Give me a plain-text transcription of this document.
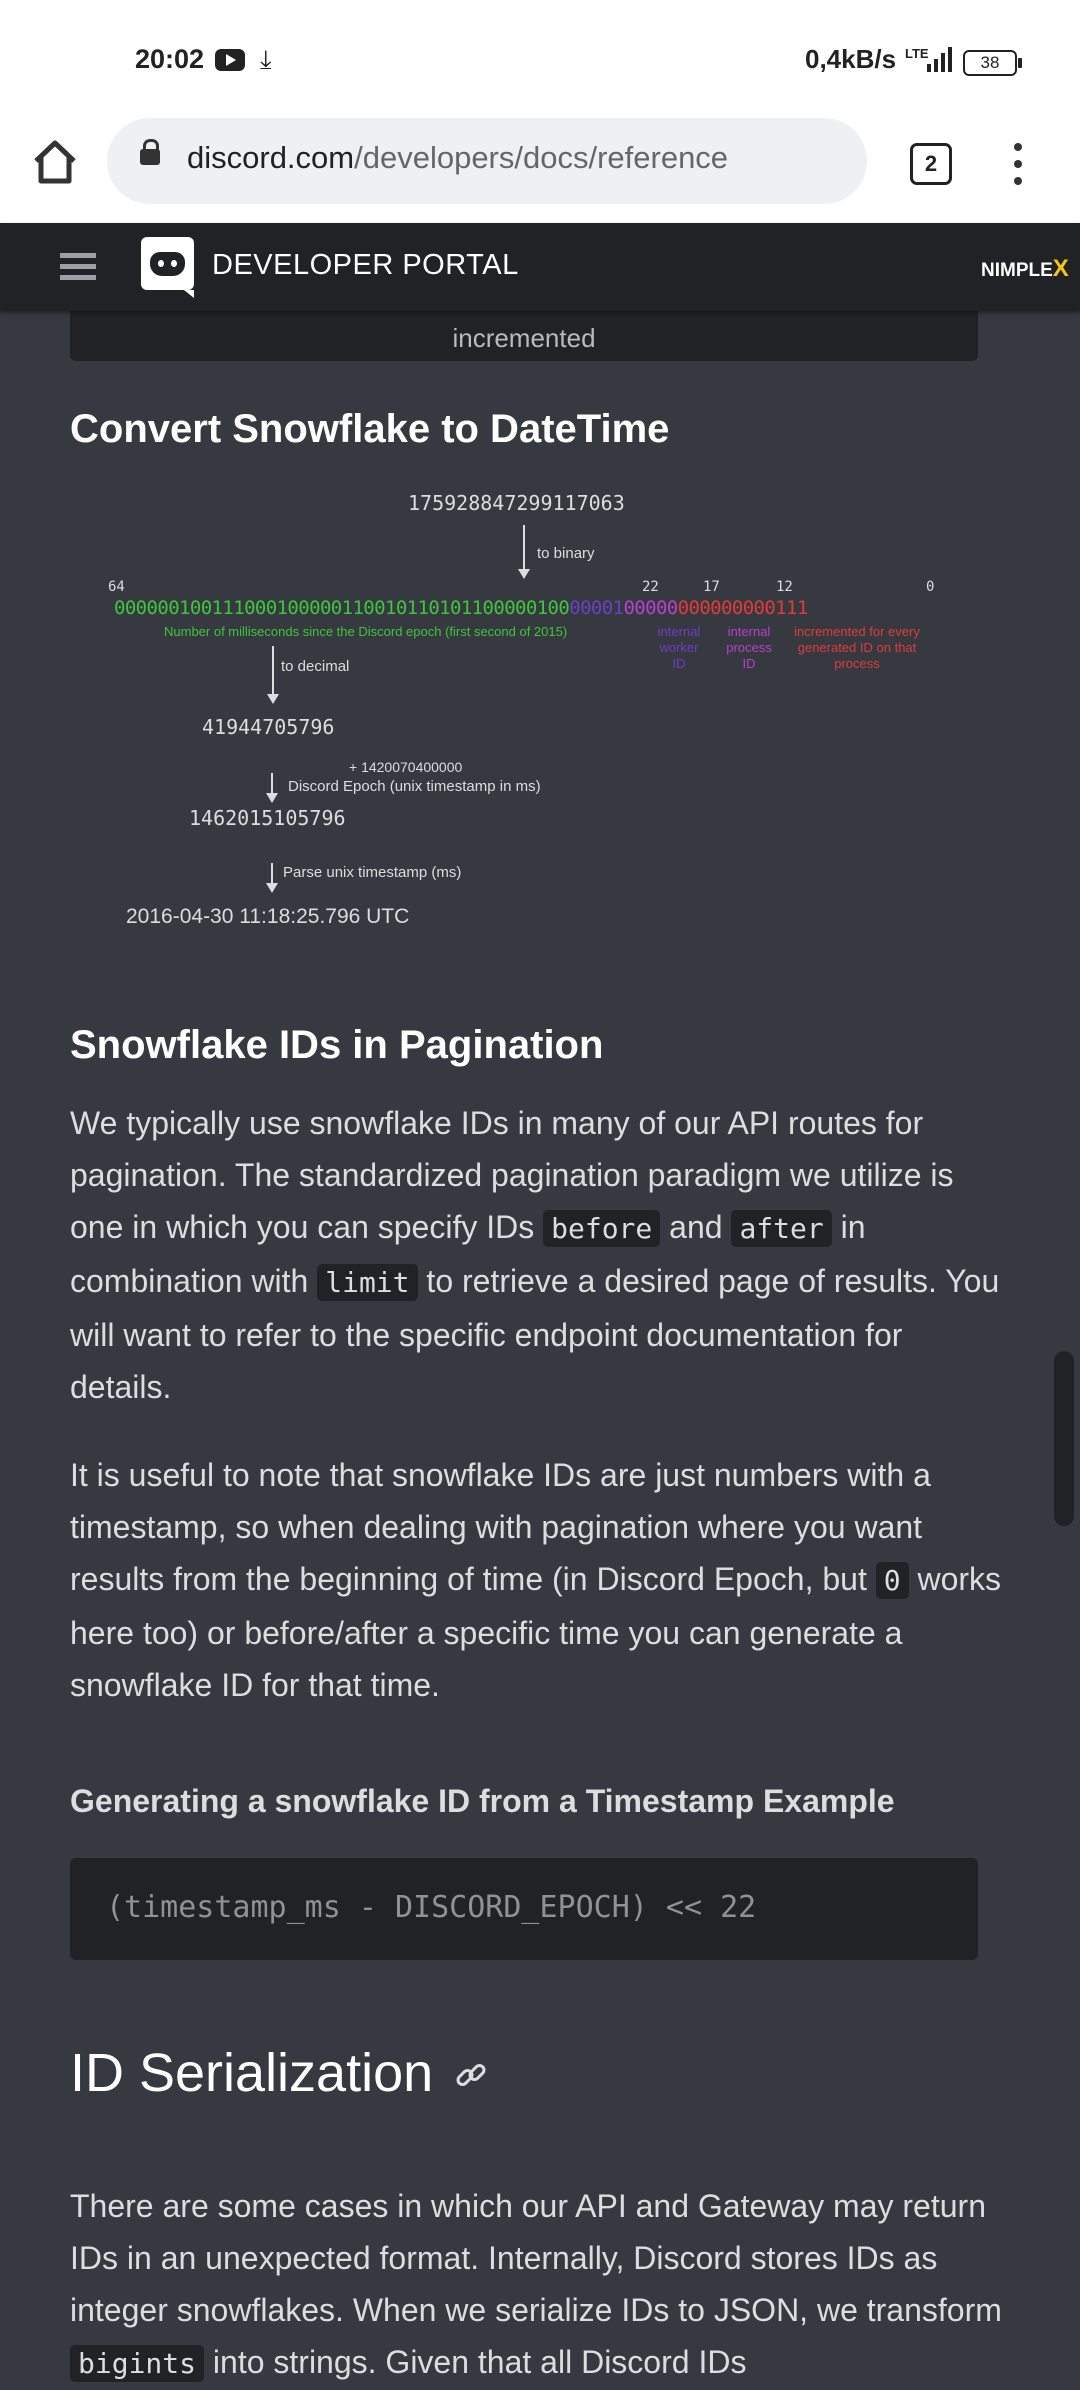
20:02 ⤓	0,4kB/s LTE	38
discord.com/developers/docs/reference	2
DEVELOPER PORTAL	NIMPLEX
incremented
Convert Snowflake to DateTime
175928847299117063
to binary
64	22	17	12	0
0000001001110001000001100101101011000001000000100000000000000111
Number of milliseconds since the Discord epoch (first second of 2015)	internal
worker
ID
internal
process
ID
incremented for every
generated ID on that
process
to decimal
41944705796
+ 1420070400000
Discord Epoch (unix timestamp in ms)
1462015105796
Parse unix timestamp (ms)
2016-04-30 11:18:25.796 UTC
Snowflake IDs in Pagination
We typically use snowflake IDs in many of our API routes for pagination. The standardized pagination paradigm we utilize is one in which you can specify IDs before and after in combination with limit to retrieve a desired page of results. You will want to refer to the specific endpoint documentation for details.
It is useful to note that snowflake IDs are just numbers with a timestamp, so when dealing with pagination where you want results from the beginning of time (in Discord Epoch, but 0 works here too) or before/after a specific time you can generate a snowflake ID for that time.
Generating a snowflake ID from a Timestamp Example
(timestamp_ms - DISCORD_EPOCH) << 22
ID Serialization
There are some cases in which our API and Gateway may return IDs in an unexpected format. Internally, Discord stores IDs as integer snowflakes. When we serialize IDs to JSON, we transform bigints into strings. Given that all Discord IDs
